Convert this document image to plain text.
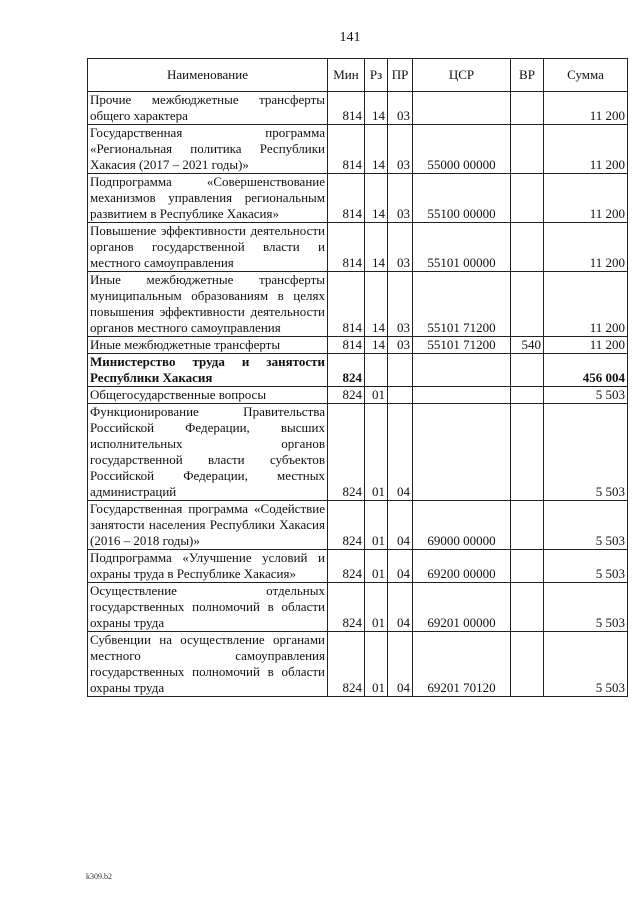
141
Наименование	Мин	Рз	ПР	ЦСР	ВР	Сумма
Прочие межбюджетные трансферты общего характера	814	14	03			11 200
Государственная программа «Региональная политика Республики Хакасия (2017 – 2021 годы)»	814	14	03	55000 00000		11 200
Подпрограмма «Совершенствование механизмов управления региональным развитием в Республике Хакасия»	814	14	03	55100 00000		11 200
Повышение эффективности деятельности органов государственной власти и местного самоуправления	814	14	03	55101 00000		11 200
Иные межбюджетные трансферты муниципальным образованиям в целях повышения эффективности деятельности органов местного самоуправления	814	14	03	55101 71200		11 200
Иные межбюджетные трансферты	814	14	03	55101 71200	540	11 200
Министерство труда и занятости Республики Хакасия	824					456 004
Общегосударственные вопросы	824	01				5 503
Функционирование Правительства Российской Федерации, высших исполнительных органов государственной власти субъектов Российской Федерации, местных администраций	824	01	04			5 503
Государственная программа «Содействие занятости населения Республики Хакасия (2016 – 2018 годы)»	824	01	04	69000 00000		5 503
Подпрограмма «Улучшение условий и охраны труда в Республике Хакасия»	824	01	04	69200 00000		5 503
Осуществление отдельных государственных полномочий в области охраны труда	824	01	04	69201 00000		5 503
Субвенции на осуществление органами местного самоуправления государственных полномочий в области охраны труда	824	01	04	69201 70120		5 503
k309.b2
